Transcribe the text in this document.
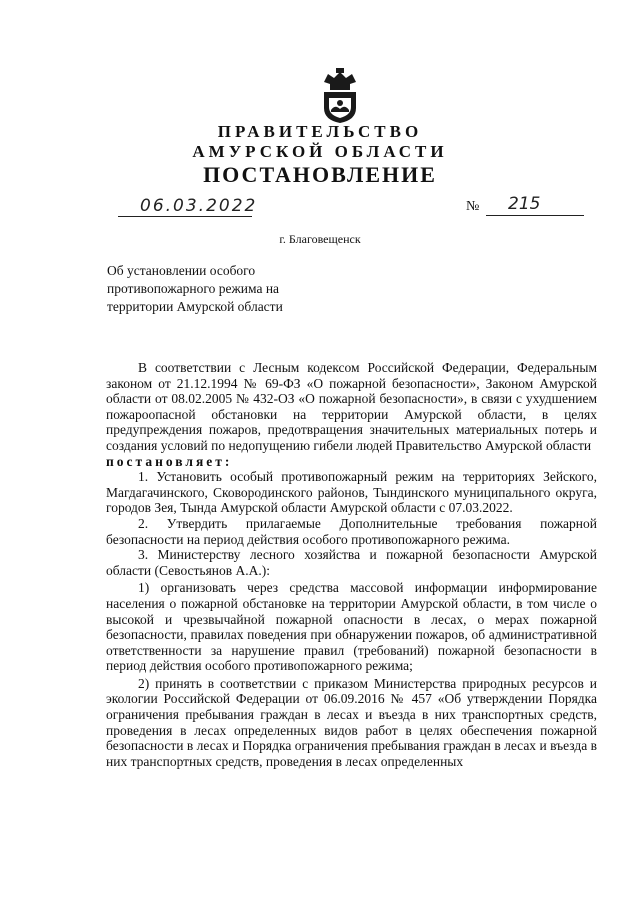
ПРАВИТЕЛЬСТВО
АМУРСКОЙ ОБЛАСТИ
ПОСТАНОВЛЕНИЕ
06.03.2022	№ 215
г. Благовещенск
Об установлении особого
противопожарного режима на
территории Амурской области

В соответствии с Лесным кодексом Российской Федерации, Федеральным законом от 21.12.1994 № 69-ФЗ «О пожарной безопасности», Законом Амурской области от 08.02.2005 № 432-ОЗ «О пожарной безопасности», в связи с ухудшением пожароопасной обстановки на территории Амурской области, в целях предупреждения пожаров, предотвращения значительных материальных потерь и создания условий по недопущению гибели людей Правительство Амурской области

постановляет:

1. Установить особый противопожарный режим на территориях Зейского, Магдагачинского, Сковородинского районов, Тындинского муниципального округа, городов Зея, Тында Амурской области Амурской области с 07.03.2022.

2. Утвердить прилагаемые Дополнительные требования пожарной безопасности на период действия особого противопожарного режима.

3. Министерству лесного хозяйства и пожарной безопасности Амурской области (Севостьянов А.А.):

1) организовать через средства массовой информации информирование населения о пожарной обстановке на территории Амурской области, в том числе о высокой и чрезвычайной пожарной опасности в лесах, о мерах пожарной безопасности, правилах поведения при обнаружении пожаров, об административной ответственности за нарушение правил (требований) пожарной безопасности в период действия особого противопожарного режима;

2) принять в соответствии с приказом Министерства природных ресурсов и экологии Российской Федерации от 06.09.2016 № 457 «Об утверждении Порядка ограничения пребывания граждан в лесах и въезда в них транспортных средств, проведения в лесах определенных видов работ в целях обеспечения пожарной безопасности в лесах и Порядка ограничения пребывания граждан в лесах и въезда в них транспортных средств, проведения в лесах определенных
